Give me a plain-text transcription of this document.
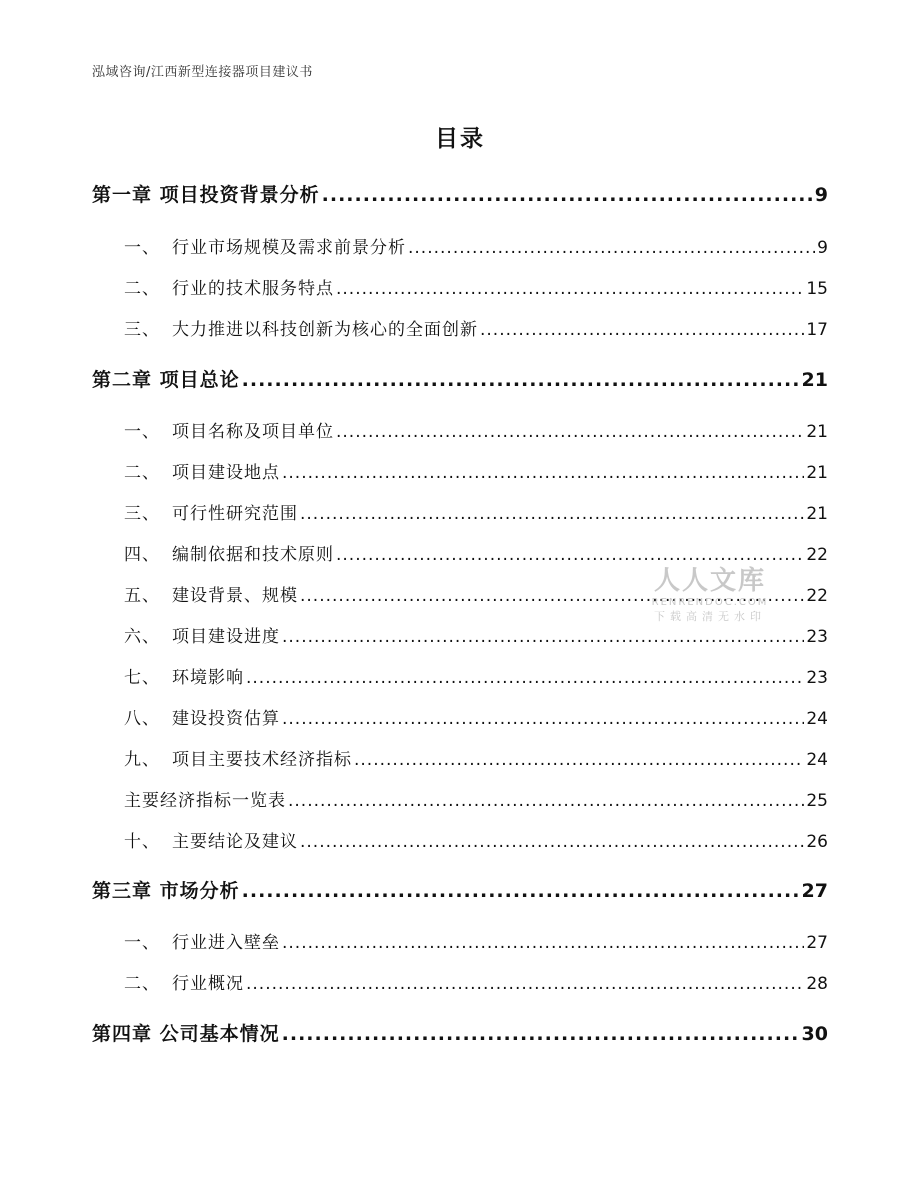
泓域咨询/江西新型连接器项目建议书
目录
第一章 项目投资背景分析 .....	9
一、 行业市场规模及需求前景分析 .....	9
二、 行业的技术服务特点 .....	15
三、 大力推进以科技创新为核心的全面创新 .....	17
第二章 项目总论 .....	21
一、 项目名称及项目单位 .....	21
二、 项目建设地点 .....	21
三、 可行性研究范围 .....	21
四、 编制依据和技术原则 .....	22
五、 建设背景、规模 .....	22
六、 项目建设进度 .....	23
七、 环境影响 .....	23
八、 建设投资估算 .....	24
九、 项目主要技术经济指标 .....	24
主要经济指标一览表 .....	25
十、 主要结论及建议 .....	26
第三章 市场分析 .....	27
一、 行业进入壁垒 .....	27
二、 行业概况 .....	28
第四章 公司基本情况 .....	30
人人文库
RENRENDOC.COM
下载高清无水印
